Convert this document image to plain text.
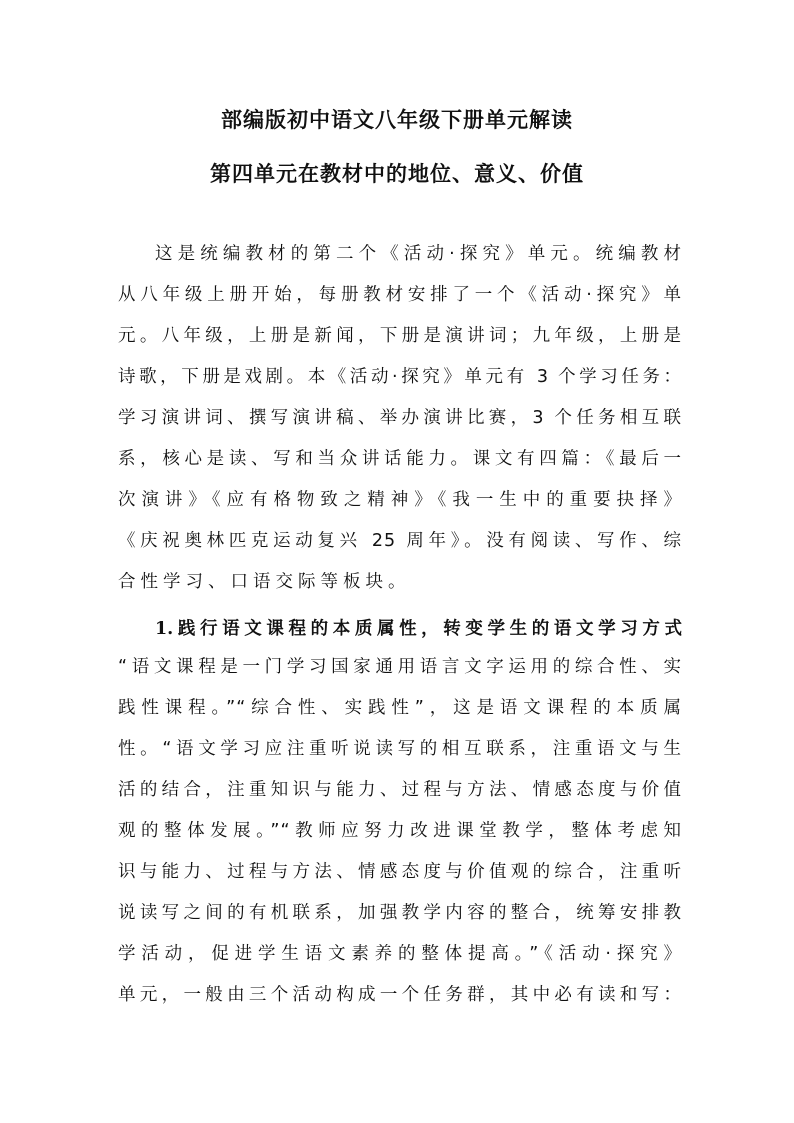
部编版初中语文八年级下册单元解读
第四单元在教材中的地位、意义、价值
这是统编教材的第二个《活动·探究》单元。统编教材
从八年级上册开始，每册教材安排了一个《活动·探究》单
元。八年级，上册是新闻，下册是演讲词；九年级，上册是
诗歌，下册是戏剧。本《活动·探究》单元有 3 个学习任务：
学习演讲词、撰写演讲稿、举办演讲比赛，3 个任务相互联
系，核心是读、写和当众讲话能力。课文有四篇：《最后一
次演讲》《应有格物致之精神》《我一生中的重要抉择》
《庆祝奥林匹克运动复兴 25 周年》。没有阅读、写作、综
合性学习、口语交际等板块。
1.践行语文课程的本质属性，转变学生的语文学习方式
“语文课程是一门学习国家通用语言文字运用的综合性、实
践性课程。”“综合性、实践性”，这是语文课程的本质属
性。“语文学习应注重听说读写的相互联系，注重语文与生
活的结合，注重知识与能力、过程与方法、情感态度与价值
观的整体发展。”“教师应努力改进课堂教学，整体考虑知
识与能力、过程与方法、情感态度与价值观的综合，注重听
说读写之间的有机联系，加强教学内容的整合，统筹安排教
学活动，促进学生语文素养的整体提高。”《活动·探究》
单元，一般由三个活动构成一个任务群，其中必有读和写：
